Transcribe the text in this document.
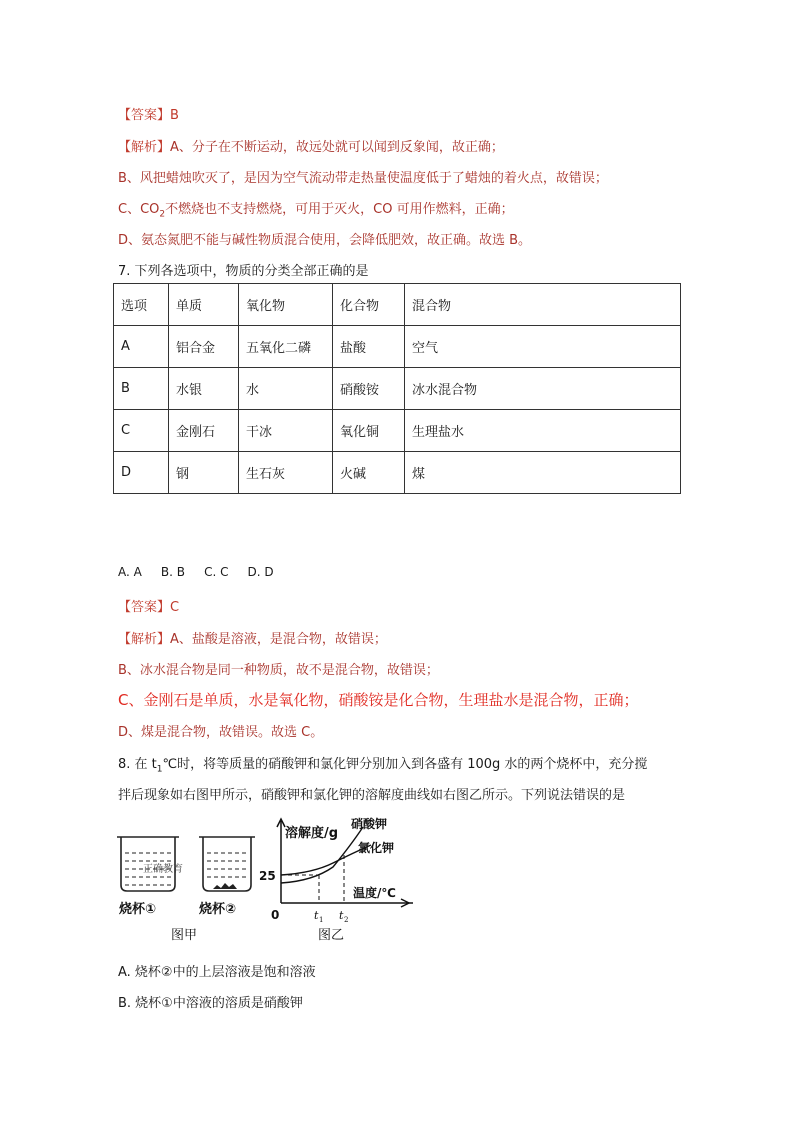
【答案】B
【解析】A、分子在不断运动，故远处就可以闻到反象闻，故正确；
B、风把蜡烛吹灭了，是因为空气流动带走热量使温度低于了蜡烛的着火点，故错误；
C、$CO_2$不燃烧也不支持燃烧，可用于灭火，CO 可用作燃料，正确；
D、氨态氮肥不能与碱性物质混合使用，会降低肥效，故正确。故选 B。
7. 下列各选项中，物质的分类全部正确的是
选项	单质	氧化物	化合物	混合物
A	铝合金	五氧化二磷	盐酸	空气
B	水银	水	硝酸铵	冰水混合物
C	金刚石	干冰	氧化铜	生理盐水
D	钢	生石灰	火碱	煤
A. A     B. B     C. C     D. D
【答案】C
【解析】A、盐酸是溶液，是混合物，故错误；
B、冰水混合物是同一种物质，故不是混合物，故错误；
C、金刚石是单质，水是氧化物，硝酸铵是化合物，生理盐水是混合物，正确；
D、煤是混合物，故错误。故选 C。
8. 在 $t_1℃$时，将等质量的硝酸钾和氯化钾分别加入到各盛有 100g 水的两个烧杯中，充分搅
拌后现象如右图甲所示，硝酸钾和氯化钾的溶解度曲线如右图乙所示。下列说法错误的是
正确教育
烧杯①	烧杯②
图甲
溶解度/g
硝酸钾
氯化钾
25
温度/℃
0	t 1 t 2
图乙
A. 烧杯②中的上层溶液是饱和溶液
B. 烧杯①中溶液的溶质是硝酸钾
